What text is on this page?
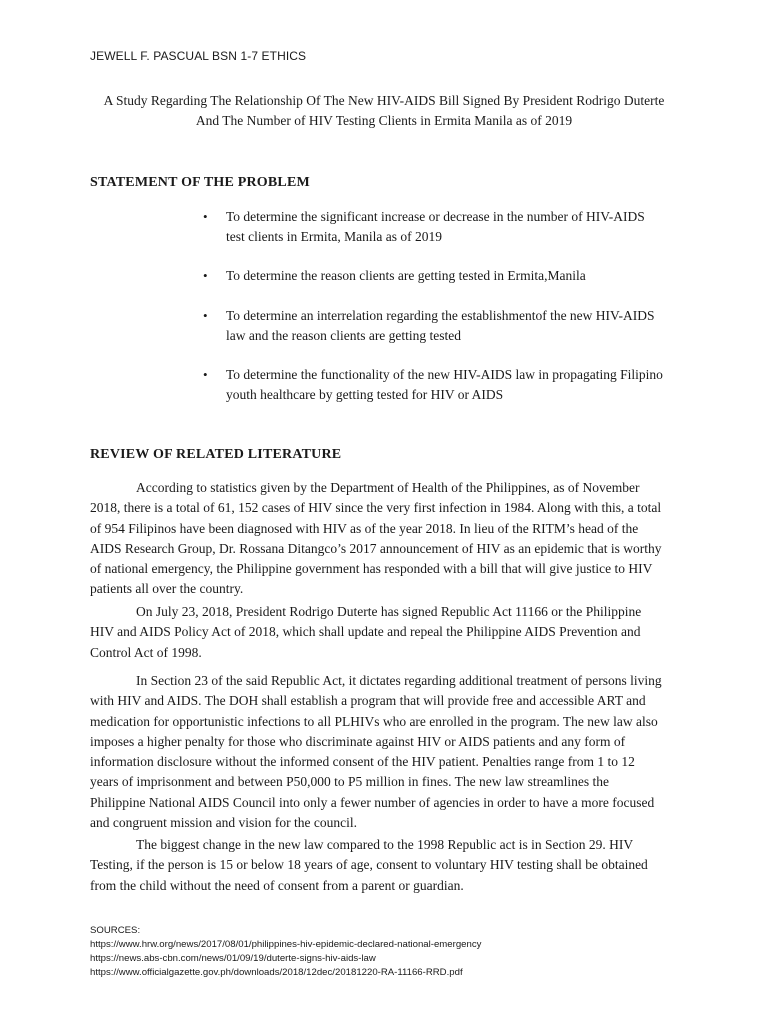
JEWELL F. PASCUAL BSN 1-7 ETHICS
A Study Regarding The Relationship Of The New HIV-AIDS Bill Signed By President Rodrigo Duterte
And The Number of HIV Testing Clients in Ermita Manila as of 2019
STATEMENT OF THE PROBLEM
• To determine the significant increase or decrease in the number of HIV-AIDS
test clients in Ermita, Manila as of 2019
• To determine the reason clients are getting tested in Ermita,Manila
• To determine an interrelation regarding the establishmentof the new HIV-AIDS
law and the reason clients are getting tested
• To determine the functionality of the new HIV-AIDS law in propagating Filipino
youth healthcare by getting tested for HIV or AIDS
REVIEW OF RELATED LITERATURE
According to statistics given by the Department of Health of the Philippines, as of November
2018, there is a total of 61, 152 cases of HIV since the very first infection in 1984. Along with this, a total
of 954 Filipinos have been diagnosed with HIV as of the year 2018. In lieu of the RITM’s head of the
AIDS Research Group, Dr. Rossana Ditangco’s 2017 announcement of HIV as an epidemic that is worthy
of national emergency, the Philippine government has responded with a bill that will give justice to HIV
patients all over the country.
On July 23, 2018, President Rodrigo Duterte has signed Republic Act 11166 or the Philippine
HIV and AIDS Policy Act of 2018, which shall update and repeal the Philippine AIDS Prevention and
Control Act of 1998.
In Section 23 of the said Republic Act, it dictates regarding additional treatment of persons living
with HIV and AIDS. The DOH shall establish a program that will provide free and accessible ART and
medication for opportunistic infections to all PLHIVs who are enrolled in the program. The new law also
imposes a higher penalty for those who discriminate against HIV or AIDS patients and any form of
information disclosure without the informed consent of the HIV patient. Penalties range from 1 to 12
years of imprisonment and between P50,000 to P5 million in fines. The new law streamlines the
Philippine National AIDS Council into only a fewer number of agencies in order to have a more focused
and congruent mission and vision for the council.
The biggest change in the new law compared to the 1998 Republic act is in Section 29. HIV
Testing, if the person is 15 or below 18 years of age, consent to voluntary HIV testing shall be obtained
from the child without the need of consent from a parent or guardian.
SOURCES:
https://www.hrw.org/news/2017/08/01/philippines-hiv-epidemic-declared-national-emergency
https://news.abs-cbn.com/news/01/09/19/duterte-signs-hiv-aids-law
https://www.officialgazette.gov.ph/downloads/2018/12dec/20181220-RA-11166-RRD.pdf
